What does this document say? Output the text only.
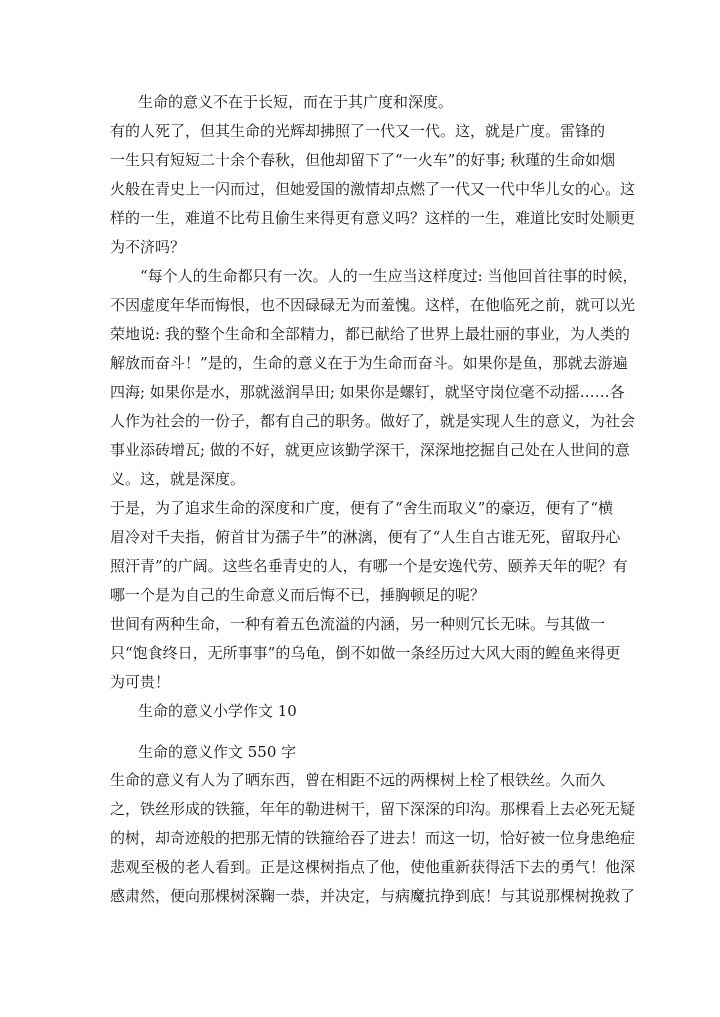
生命的意义不在于长短，而在于其广度和深度。

有的人死了，但其生命的光辉却拂照了一代又一代。这，就是广度。雷锋的

一生只有短短二十余个春秋，但他却留下了“一火车”的好事; 秋瑾的生命如烟

火般在青史上一闪而过，但她爱国的激情却点燃了一代又一代中华儿女的心。这

样的一生，难道不比苟且偷生来得更有意义吗？这样的一生，难道比安时处顺更

为不济吗？

“每个人的生命都只有一次。人的一生应当这样度过: 当他回首往事的时候，

不因虚度年华而悔恨，也不因碌碌无为而羞愧。这样，在他临死之前，就可以光

荣地说: 我的整个生命和全部精力，都已献给了世界上最壮丽的事业，为人类的

解放而奋斗！”是的，生命的意义在于为生命而奋斗。如果你是鱼，那就去游遍

四海; 如果你是水，那就滋润旱田; 如果你是螺钉，就坚守岗位毫不动摇……各

人作为社会的一份子，都有自己的职务。做好了，就是实现人生的意义，为社会

事业添砖增瓦; 做的不好，就更应该勤学深干，深深地挖掘自己处在人世间的意

义。这，就是深度。

于是，为了追求生命的深度和广度，便有了“舍生而取义”的豪迈，便有了“横

眉冷对千夫指，俯首甘为孺子牛”的淋漓，便有了“人生自古谁无死，留取丹心

照汗青”的广阔。这些名垂青史的人，有哪一个是安逸代劳、颐养天年的呢？有

哪一个是为自己的生命意义而后悔不已，捶胸顿足的呢？

世间有两种生命，一种有着五色流溢的内涵，另一种则冗长无味。与其做一

只“饱食终日，无所事事”的乌龟，倒不如做一条经历过大风大雨的鳇鱼来得更

为可贵！

生命的意义小学作文 10

生命的意义作文 550 字

生命的意义有人为了晒东西，曾在相距不远的两棵树上栓了根铁丝。久而久

之，铁丝形成的铁箍，年年的勒进树干，留下深深的印沟。那棵看上去必死无疑

的树，却奇迹般的把那无情的铁箍给吞了进去！而这一切，恰好被一位身患绝症

悲观至极的老人看到。正是这棵树指点了他，使他重新获得活下去的勇气！他深

感肃然，便向那棵树深鞠一恭，并决定，与病魔抗挣到底！与其说那棵树挽救了
